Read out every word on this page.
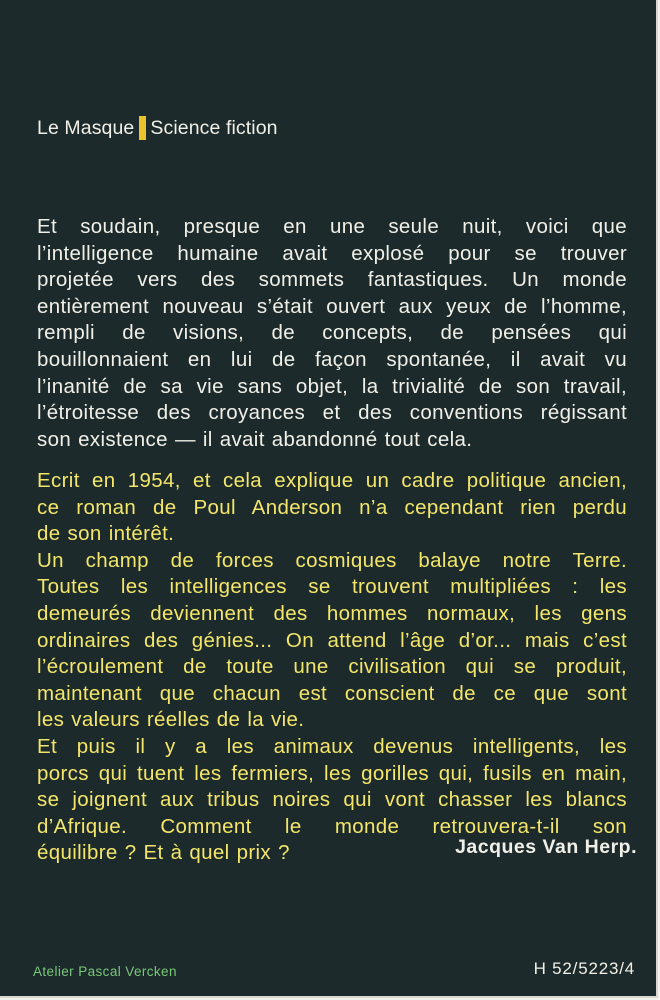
Le Masque Science fiction
Et soudain, presque en une seule nuit, voici que
l’intelligence humaine avait explosé pour se trouver
projetée vers des sommets fantastiques. Un monde
entièrement nouveau s’était ouvert aux yeux de l’homme,
rempli de visions, de concepts, de pensées qui
bouillonnaient en lui de façon spontanée, il avait vu
l’inanité de sa vie sans objet, la trivialité de son travail,
l’étroitesse des croyances et des conventions régissant
son existence — il avait abandonné tout cela.
Ecrit en 1954, et cela explique un cadre politique ancien,
ce roman de Poul Anderson n’a cependant rien perdu
de son intérêt.
Un champ de forces cosmiques balaye notre Terre.
Toutes les intelligences se trouvent multipliées : les
demeurés deviennent des hommes normaux, les gens
ordinaires des génies... On attend l’âge d’or... mais c’est
l’écroulement de toute une civilisation qui se produit,
maintenant que chacun est conscient de ce que sont
les valeurs réelles de la vie.
Et puis il y a les animaux devenus intelligents, les
porcs qui tuent les fermiers, les gorilles qui, fusils en main,
se joignent aux tribus noires qui vont chasser les blancs
d’Afrique. Comment le monde retrouvera-t-il son
équilibre ? Et à quel prix ?	Jacques Van Herp.
Atelier Pascal Vercken	H 52/5223/4
